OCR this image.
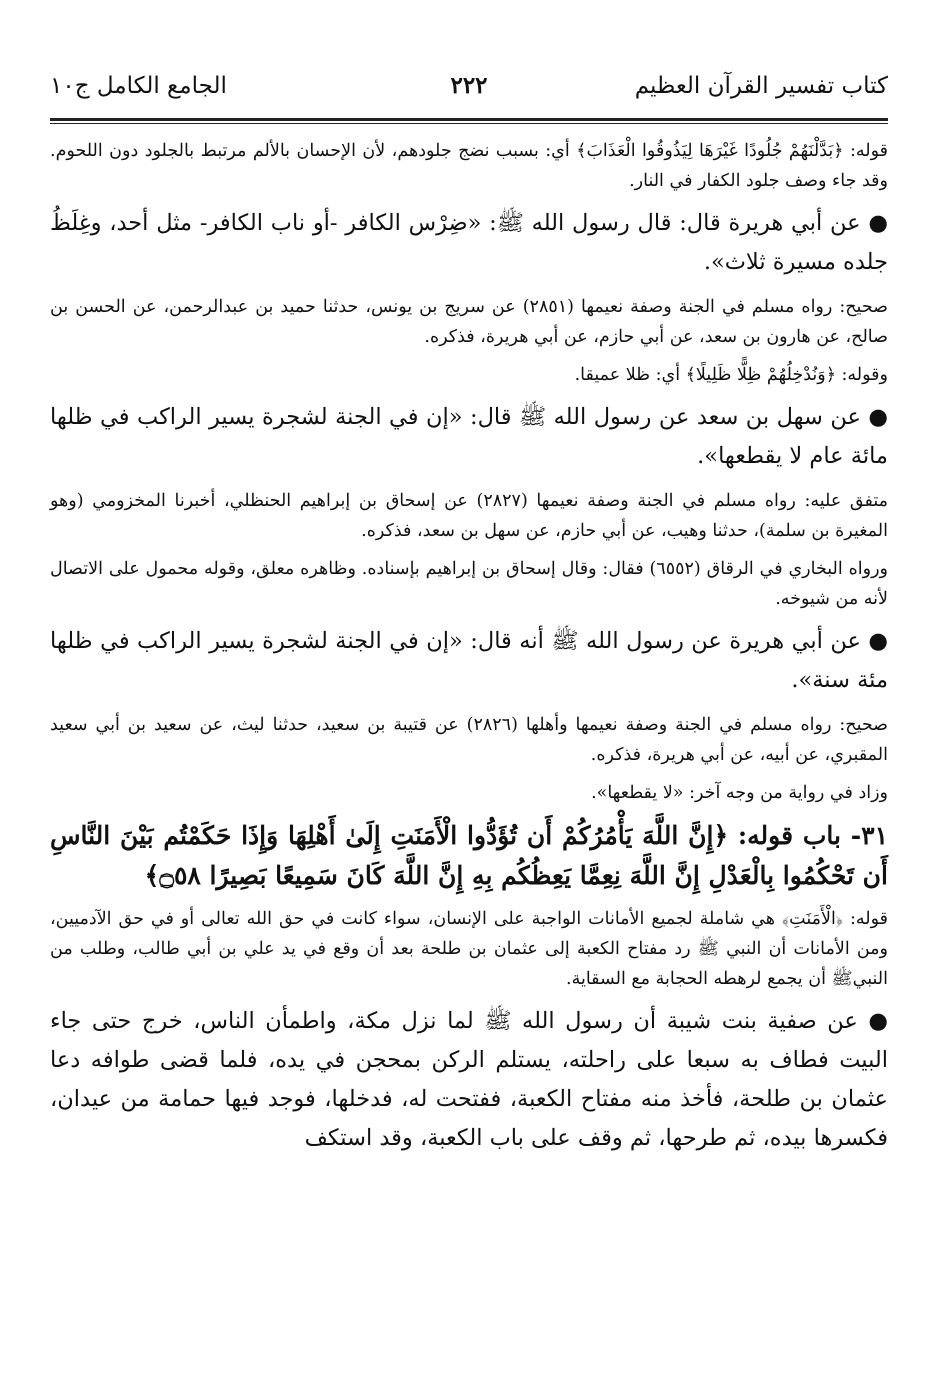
كتاب تفسير القرآن العظيم
٢٢٢
الجامع الكامل ج١٠

قوله: ﴿بَدَّلْنَهُمْ جُلُودًا غَيْرَهَا لِيَذُوقُوا الْعَذَابَ﴾ أي: بسبب نضج جلودهم، لأن الإحسان بالألم مرتبط بالجلود دون اللحوم. وقد جاء وصف جلود الكفار في النار.

● عن أبي هريرة قال: قال رسول الله ﷺ: «ضِرْس الكافر -أو ناب الكافر- مثل أحد، وغِلَظُ جلده مسيرة ثلاث».

صحيح: رواه مسلم في الجنة وصفة نعيمها (٢٨٥١) عن سريج بن يونس، حدثنا حميد بن عبدالرحمن، عن الحسن بن صالح، عن هارون بن سعد، عن أبي حازم، عن أبي هريرة، فذكره.

وقوله: ﴿وَنُدْخِلُهُمْ ظِلًّا ظَلِيلًا﴾ أي: ظلا عميقا.

● عن سهل بن سعد عن رسول الله ﷺ قال: «إن في الجنة لشجرة يسير الراكب في ظلها مائة عام لا يقطعها».

متفق عليه: رواه مسلم في الجنة وصفة نعيمها (٢٨٢٧) عن إسحاق بن إبراهيم الحنظلي، أخبرنا المخزومي (وهو المغيرة بن سلمة)، حدثنا وهيب، عن أبي حازم، عن سهل بن سعد، فذكره.

ورواه البخاري في الرقاق (٦٥٥٢) فقال: وقال إسحاق بن إبراهيم بإسناده. وظاهره معلق، وقوله محمول على الاتصال لأنه من شيوخه.

● عن أبي هريرة عن رسول الله ﷺ أنه قال: «إن في الجنة لشجرة يسير الراكب في ظلها مئة سنة».

صحيح: رواه مسلم في الجنة وصفة نعيمها وأهلها (٢٨٢٦) عن قتيبة بن سعيد، حدثنا ليث، عن سعيد بن أبي سعيد المقبري، عن أبيه، عن أبي هريرة، فذكره.

وزاد في رواية من وجه آخر: «لا يقطعها».

٣١- باب قوله: ﴿إِنَّ اللَّهَ يَأْمُرُكُمْ أَن تُؤَدُّوا الْأَمَنَتِ إِلَىٰ أَهْلِهَا وَإِذَا حَكَمْتُم بَيْنَ النَّاسِ أَن تَحْكُمُوا بِالْعَدْلِ إِنَّ اللَّهَ نِعِمَّا يَعِظُكُم بِهِ إِنَّ اللَّهَ كَانَ سَمِيعًا بَصِيرًا ۝٥٨﴾

قوله: ﴿الْأَمَنَتِ﴾ هي شاملة لجميع الأمانات الواجبة على الإنسان، سواء كانت في حق الله تعالى أو في حق الآدميين، ومن الأمانات أن النبي ﷺ رد مفتاح الكعبة إلى عثمان بن طلحة بعد أن وقع في يد علي بن أبي طالب، وطلب من النبيﷺ أن يجمع لرهطه الحجابة مع السقاية.

● عن صفية بنت شيبة أن رسول الله ﷺ لما نزل مكة، واطمأن الناس، خرج حتى جاء البيت فطاف به سبعا على راحلته، يستلم الركن بمحجن في يده، فلما قضى طوافه دعا عثمان بن طلحة، فأخذ منه مفتاح الكعبة، ففتحت له، فدخلها، فوجد فيها حمامة من عيدان، فكسرها بيده، ثم طرحها، ثم وقف على باب الكعبة، وقد استكف
